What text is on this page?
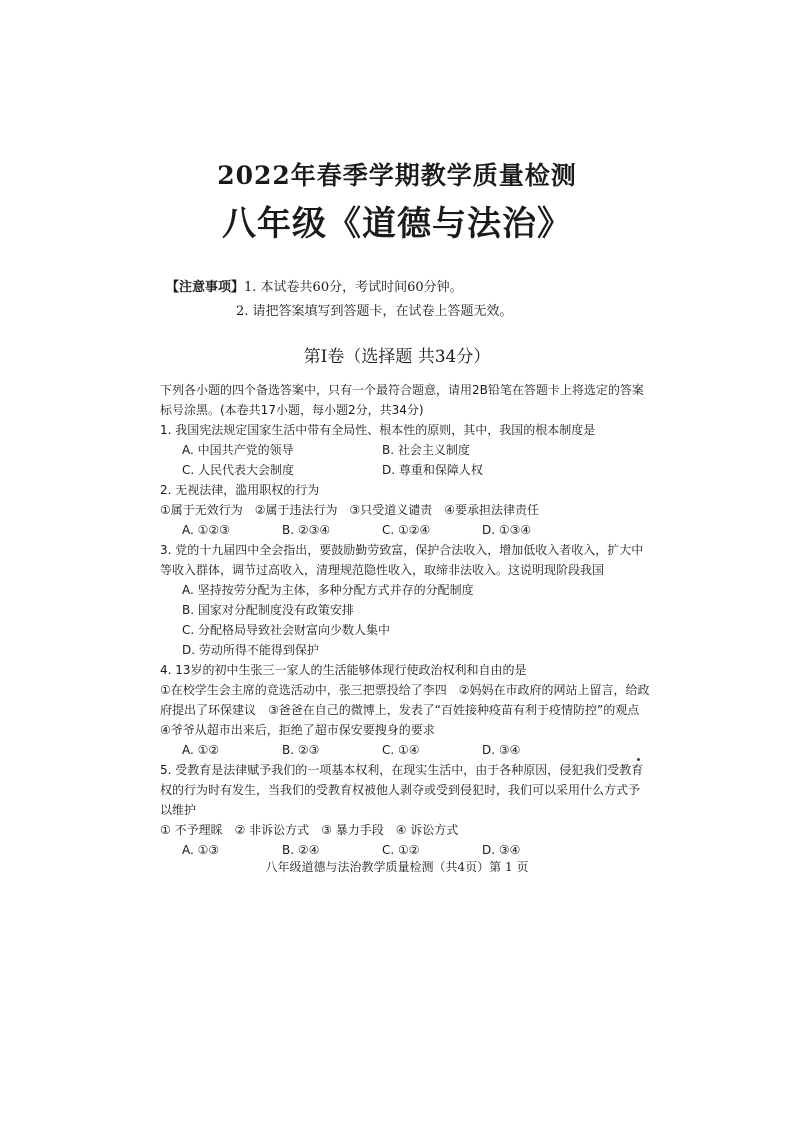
2022年春季学期教学质量检测
八年级《道德与法治》
【注意事项】1. 本试卷共60分，考试时间60分钟。
2. 请把答案填写到答题卡，在试卷上答题无效。
第Ⅰ卷（选择题 共34分）
下列各小题的四个备选答案中，只有一个最符合题意，请用2B铅笔在答题卡上将选定的答案标号涂黑。(本卷共17小题，每小题2分，共34分)
1. 我国宪法规定国家生活中带有全局性、根本性的原则，其中，我国的根本制度是
A. 中国共产党的领导	B. 社会主义制度
C. 人民代表大会制度	D. 尊重和保障人权
2. 无视法律，滥用职权的行为
①属于无效行为　②属于违法行为　③只受道义谴责　④要承担法律责任
A. ①②③	B. ②③④	C. ①②④	D. ①③④
3. 党的十九届四中全会指出，要鼓励勤劳致富，保护合法收入，增加低收入者收入，扩大中等收入群体，调节过高收入，清理规范隐性收入，取缔非法收入。这说明现阶段我国
A. 坚持按劳分配为主体，多种分配方式并存的分配制度
B. 国家对分配制度没有政策安排
C. 分配格局导致社会财富向少数人集中
D. 劳动所得不能得到保护
4. 13岁的初中生张三一家人的生活能够体现行使政治权利和自由的是
①在校学生会主席的竞选活动中，张三把票投给了李四　②妈妈在市政府的网站上留言，给政府提出了环保建议　③爸爸在自己的微博上，发表了“百姓接种疫苗有利于疫情防控”的观点　④爷爷从超市出来后，拒绝了超市保安要搜身的要求
A. ①②	B. ②③	C. ①④	D. ③④
5. 受教育是法律赋予我们的一项基本权利，在现实生活中，由于各种原因，侵犯我们受教育权的行为时有发生，当我们的受教育权被他人剥夺或受到侵犯时，我们可以采用什么方式予以维护
① 不予理睬　② 非诉讼方式　③ 暴力手段　④ 诉讼方式
A. ①③	B. ②④	C. ①②	D. ③④
八年级道德与法治教学质量检测（共4页）第 1 页
